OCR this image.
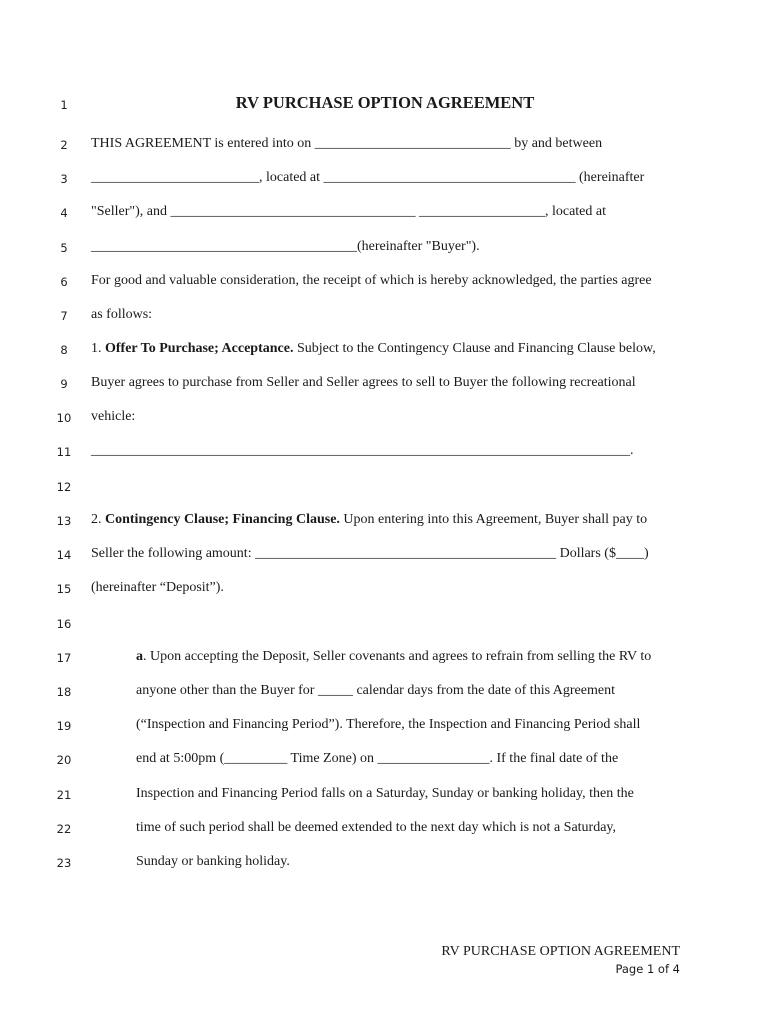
1	RV PURCHASE OPTION AGREEMENT
2	THIS AGREEMENT is entered into on ____________________________ by and between
3	________________________, located at ____________________________________ (hereinafter
4	"Seller"), and ___________________________________ __________________, located at
5	______________________________________(hereinafter "Buyer").
6	For good and valuable consideration, the receipt of which is hereby acknowledged, the parties agree
7	as follows:
8	1. Offer To Purchase; Acceptance. Subject to the Contingency Clause and Financing Clause below,
9	Buyer agrees to purchase from Seller and Seller agrees to sell to Buyer the following recreational
10	vehicle:
11	_____________________________________________________________________________.
12
13	2. Contingency Clause; Financing Clause. Upon entering into this Agreement, Buyer shall pay to
14	Seller the following amount: ___________________________________________ Dollars ($____)
15	(hereinafter “Deposit”).
16
17	a. Upon accepting the Deposit, Seller covenants and agrees to refrain from selling the RV to
18	anyone other than the Buyer for _____ calendar days from the date of this Agreement
19	(“Inspection and Financing Period”). Therefore, the Inspection and Financing Period shall
20	end at 5:00pm (_________ Time Zone) on ________________. If the final date of the
21	Inspection and Financing Period falls on a Saturday, Sunday or banking holiday, then the
22	time of such period shall be deemed extended to the next day which is not a Saturday,
23	Sunday or banking holiday.
RV PURCHASE OPTION AGREEMENT
Page 1 of 4
